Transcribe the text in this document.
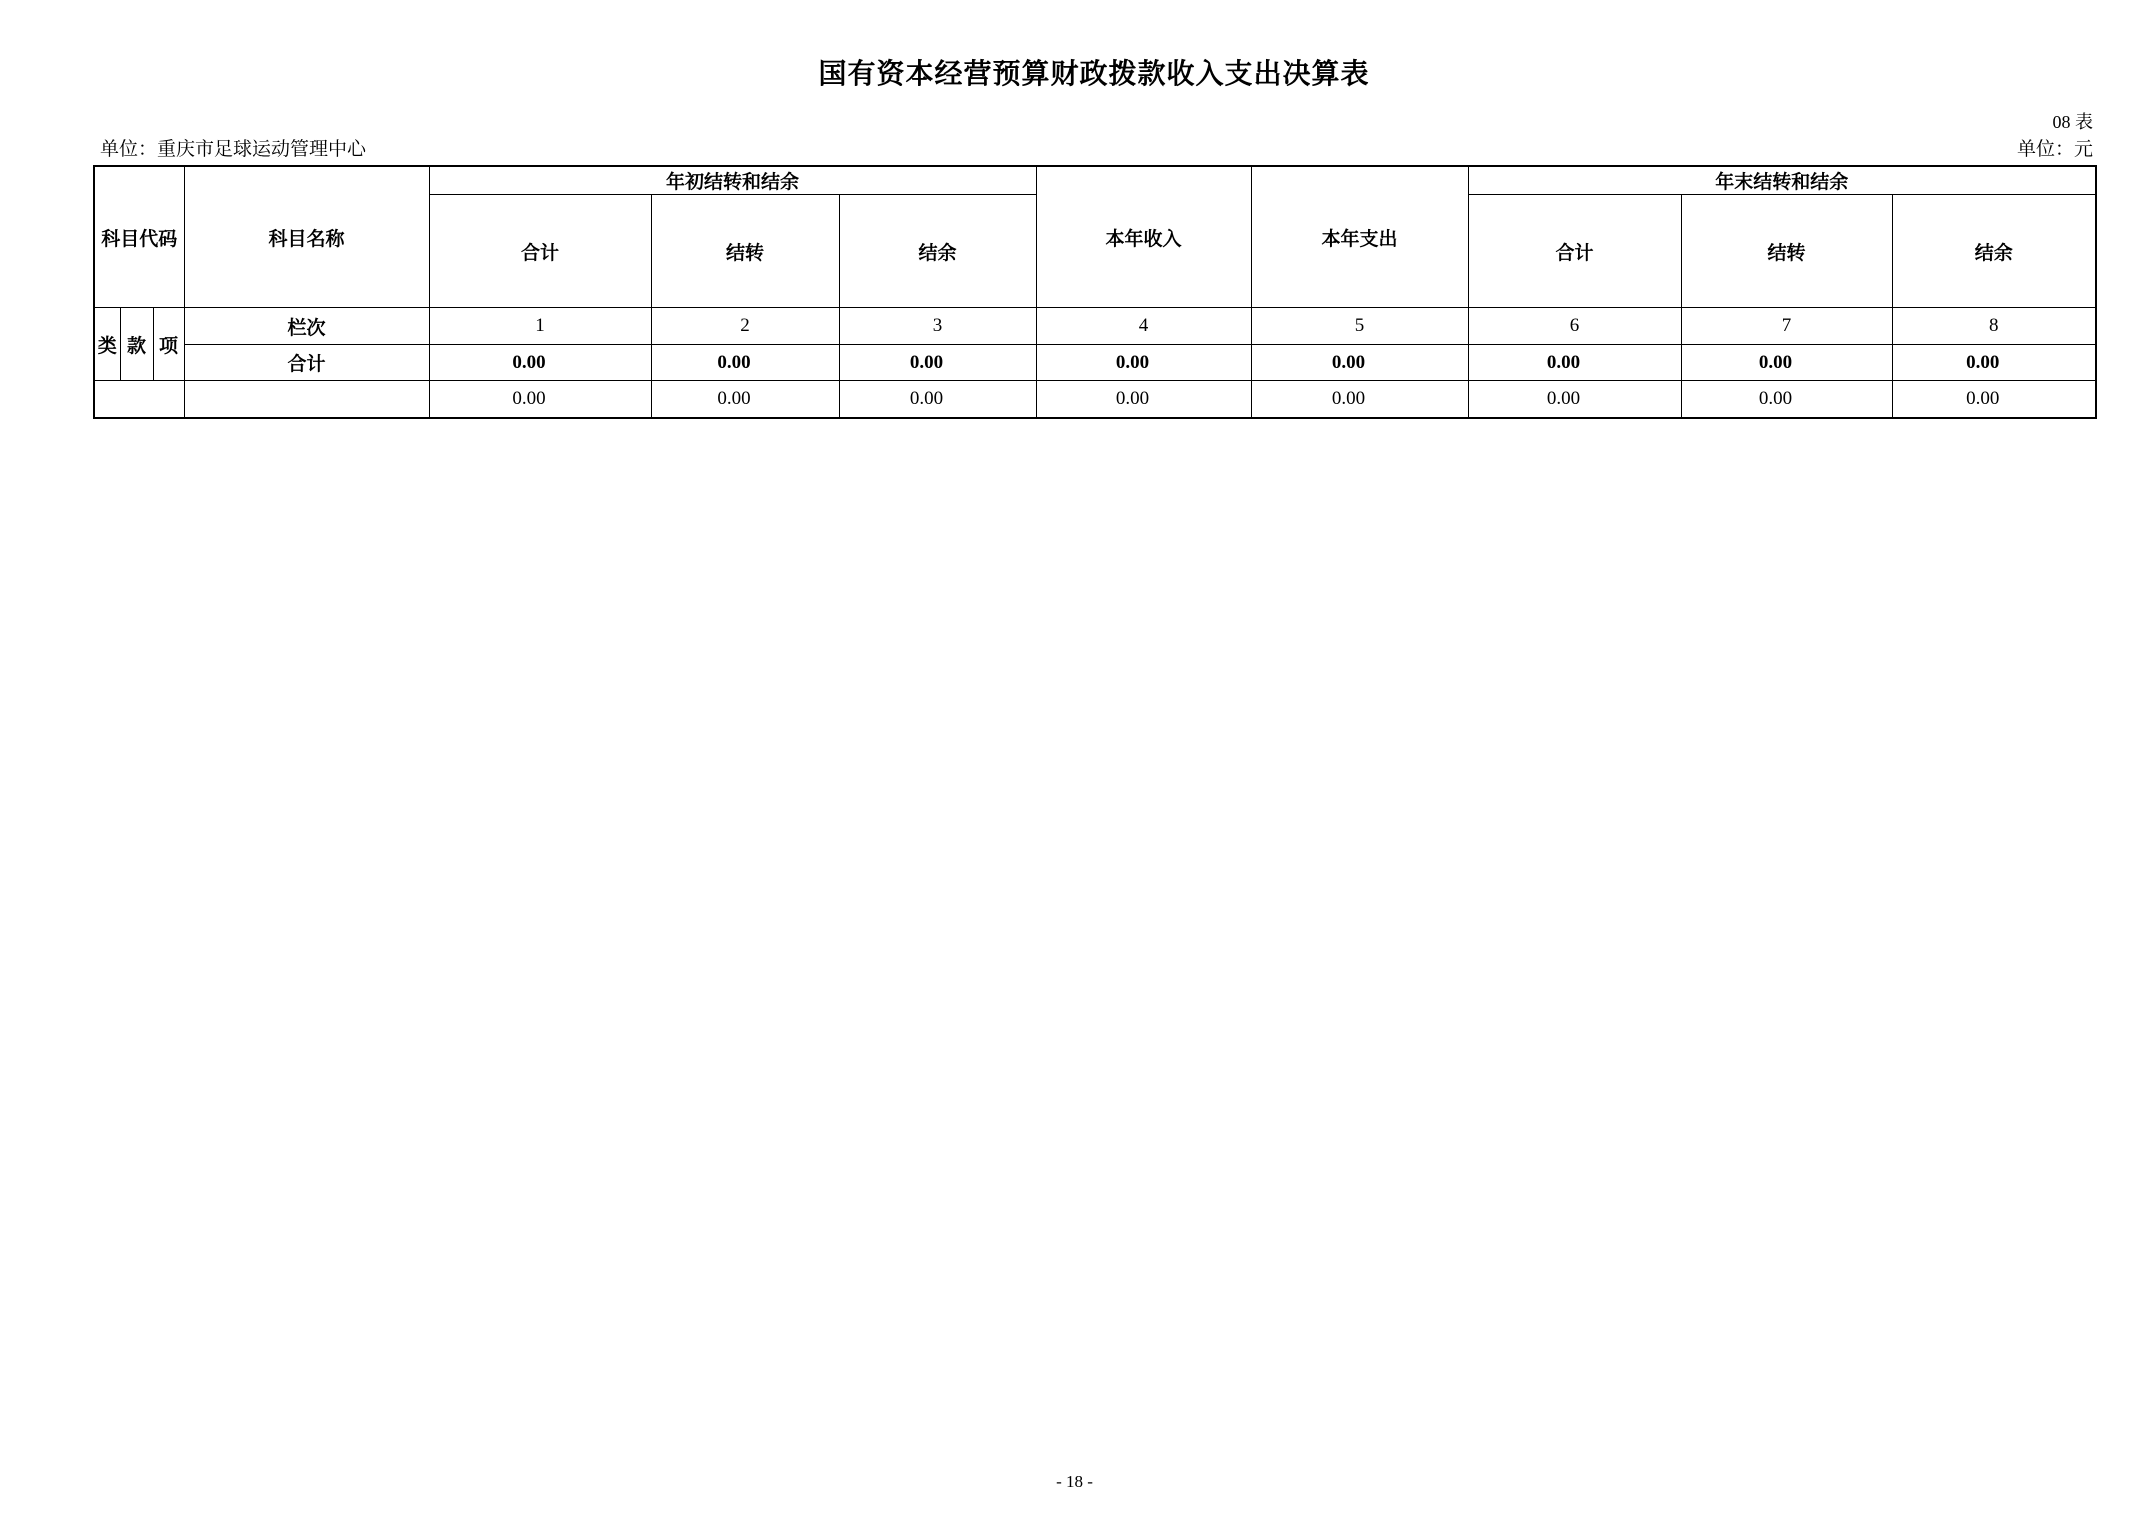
国有资本经营预算财政拨款收入支出决算表
08 表
单位：重庆市足球运动管理中心	单位：元
科目代码			科目名称	年初结转和结余			本年收入	本年支出	年末结转和结余		
				合计	结转	结余			合计	结转	结余
类	款	项	栏次	1	2	3	4	5	6	7	8
			合计	0.00	0.00	0.00	0.00	0.00	0.00	0.00	0.00
				0.00	0.00	0.00	0.00	0.00	0.00	0.00	0.00
- 18 -
